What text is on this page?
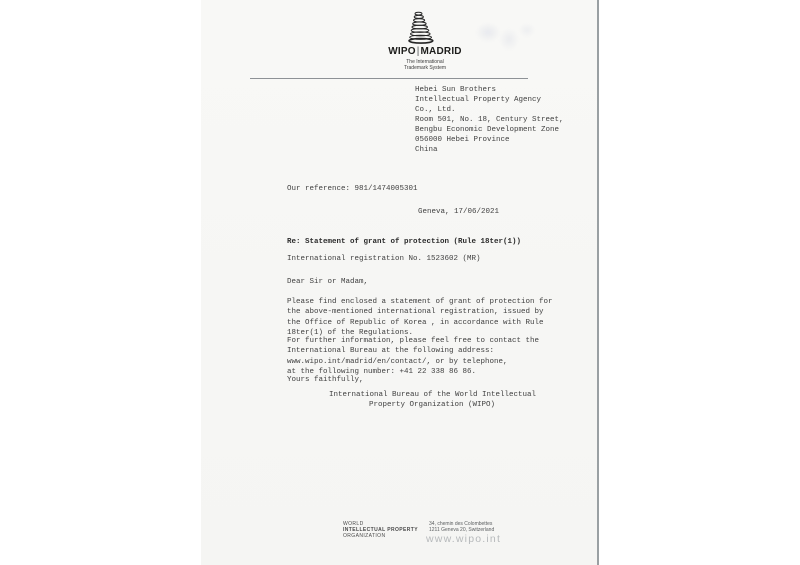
WIPO|MADRID
The International
Trademark System
Hebei Sun Brothers
Intellectual Property Agency
Co., Ltd.
Room 501, No. 18, Century Street,
Bengbu Economic Development Zone
056000 Hebei Province
China
Our reference: 981/1474005301
Geneva, 17/06/2021
Re: Statement of grant of protection (Rule 18ter(1))
International registration No. 1523602 (MR)
Dear Sir or Madam,
Please find enclosed a statement of grant of protection for
the above-mentioned international registration, issued by
the Office of Republic of Korea , in accordance with Rule
18ter(1) of the Regulations.
For further information, please feel free to contact the
International Bureau at the following address:
www.wipo.int/madrid/en/contact/, or by telephone,
at the following number: +41 22 338 86 86.
Yours faithfully,
International Bureau of the World Intellectual
Property Organization (WIPO)
WORLD
INTELLECTUAL PROPERTY
ORGANIZATION
34, chemin des Colombettes
1211 Geneva 20, Switzerland
www.wipo.int
